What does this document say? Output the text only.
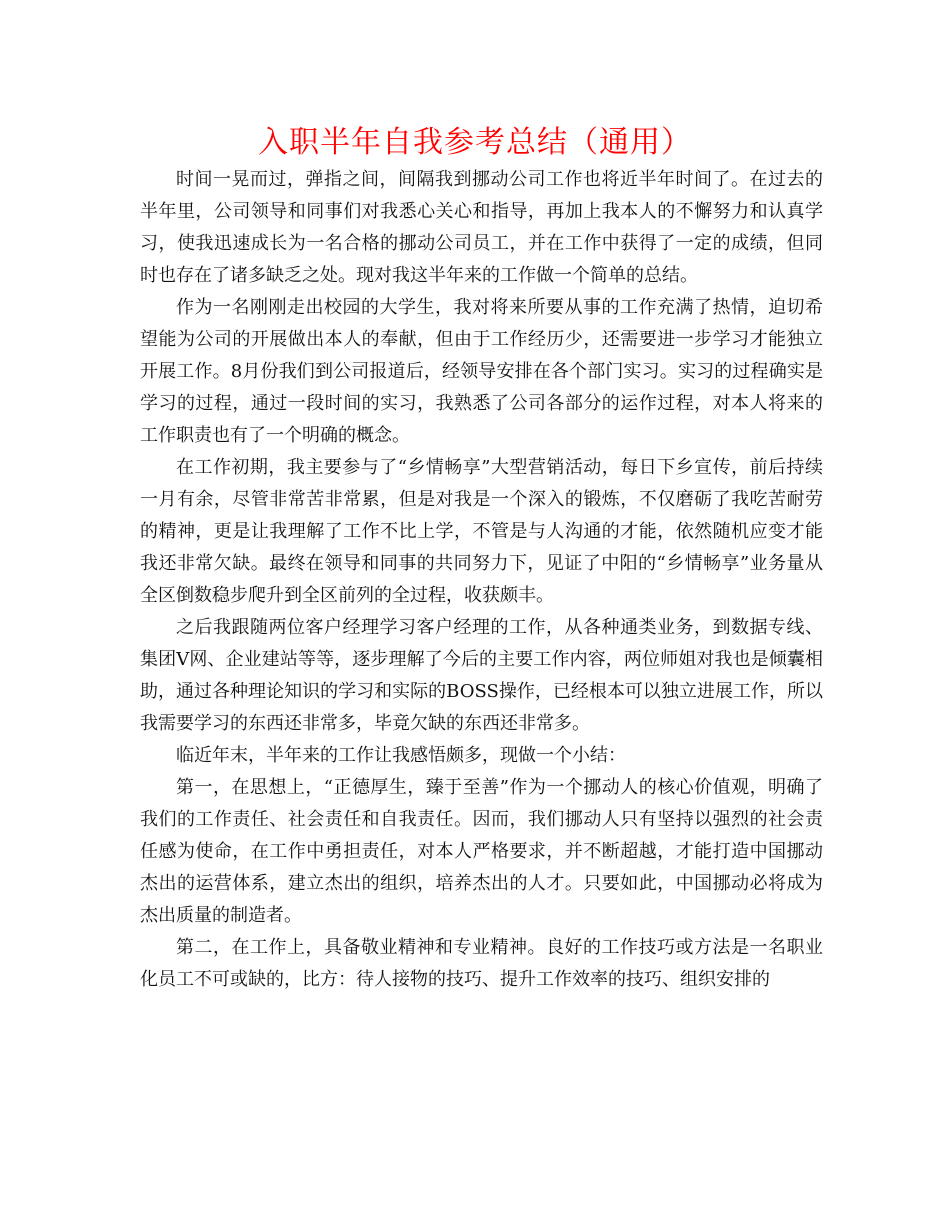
入职半年自我参考总结（通用）

时间一晃而过，弹指之间，间隔我到挪动公司工作也将近半年时间了。在过去的半年里，公司领导和同事们对我悉心关心和指导，再加上我本人的不懈努力和认真学习，使我迅速成长为一名合格的挪动公司员工，并在工作中获得了一定的成绩，但同时也存在了诸多缺乏之处。现对我这半年来的工作做一个简单的总结。

作为一名刚刚走出校园的大学生，我对将来所要从事的工作充满了热情，迫切希望能为公司的开展做出本人的奉献，但由于工作经历少，还需要进一步学习才能独立开展工作。8月份我们到公司报道后，经领导安排在各个部门实习。实习的过程确实是学习的过程，通过一段时间的实习，我熟悉了公司各部分的运作过程，对本人将来的工作职责也有了一个明确的概念。

在工作初期，我主要参与了“乡情畅享”大型营销活动，每日下乡宣传，前后持续一月有余，尽管非常苦非常累，但是对我是一个深入的锻炼，不仅磨砺了我吃苦耐劳的精神，更是让我理解了工作不比上学，不管是与人沟通的才能，依然随机应变才能我还非常欠缺。最终在领导和同事的共同努力下，见证了中阳的“乡情畅享”业务量从全区倒数稳步爬升到全区前列的全过程，收获颇丰。

之后我跟随两位客户经理学习客户经理的工作，从各种通类业务，到数据专线、集团V网、企业建站等等，逐步理解了今后的主要工作内容，两位师姐对我也是倾囊相助，通过各种理论知识的学习和实际的BOSS操作，已经根本可以独立进展工作，所以我需要学习的东西还非常多，毕竟欠缺的东西还非常多。

临近年末，半年来的工作让我感悟颇多，现做一个小结：

第一，在思想上，“正德厚生，臻于至善”作为一个挪动人的核心价值观，明确了我们的工作责任、社会责任和自我责任。因而，我们挪动人只有坚持以强烈的社会责任感为使命，在工作中勇担责任，对本人严格要求，并不断超越，才能打造中国挪动杰出的运营体系，建立杰出的组织，培养杰出的人才。只要如此，中国挪动必将成为杰出质量的制造者。

第二，在工作上，具备敬业精神和专业精神。良好的工作技巧或方法是一名职业化员工不可或缺的，比方：待人接物的技巧、提升工作效率的技巧、组织安排的
